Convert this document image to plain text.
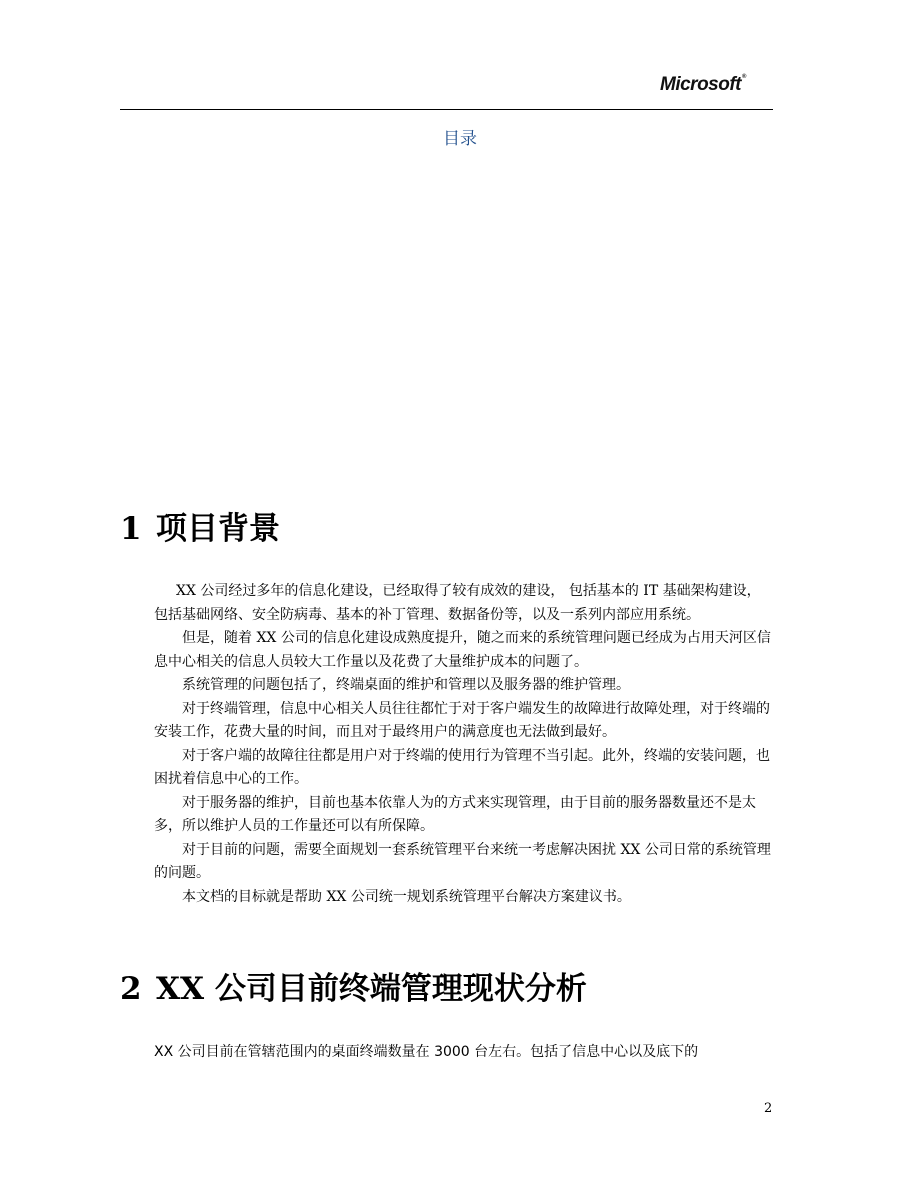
Microsoft®
目录
1 项目背景

XX 公司经过多年的信息化建设，已经取得了较有成效的建设， 包括基本的 IT 基础架构建设，包括基础网络、安全防病毒、基本的补丁管理、数据备份等，以及一系列内部应用系统。

但是，随着 XX 公司的信息化建设成熟度提升，随之而来的系统管理问题已经成为占用天河区信息中心相关的信息人员较大工作量以及花费了大量维护成本的问题了。

系统管理的问题包括了，终端桌面的维护和管理以及服务器的维护管理。

对于终端管理，信息中心相关人员往往都忙于对于客户端发生的故障进行故障处理，对于终端的安装工作，花费大量的时间，而且对于最终用户的满意度也无法做到最好。

对于客户端的故障往往都是用户对于终端的使用行为管理不当引起。此外，终端的安装问题，也困扰着信息中心的工作。

对于服务器的维护，目前也基本依靠人为的方式来实现管理，由于目前的服务器数量还不是太多，所以维护人员的工作量还可以有所保障。

对于目前的问题，需要全面规划一套系统管理平台来统一考虑解决困扰 XX 公司日常的系统管理的问题。

本文档的目标就是帮助 XX 公司统一规划系统管理平台解决方案建议书。

2 XX 公司目前终端管理现状分析

XX 公司目前在管辖范围内的桌面终端数量在 3000 台左右。包括了信息中心以及底下的

2
